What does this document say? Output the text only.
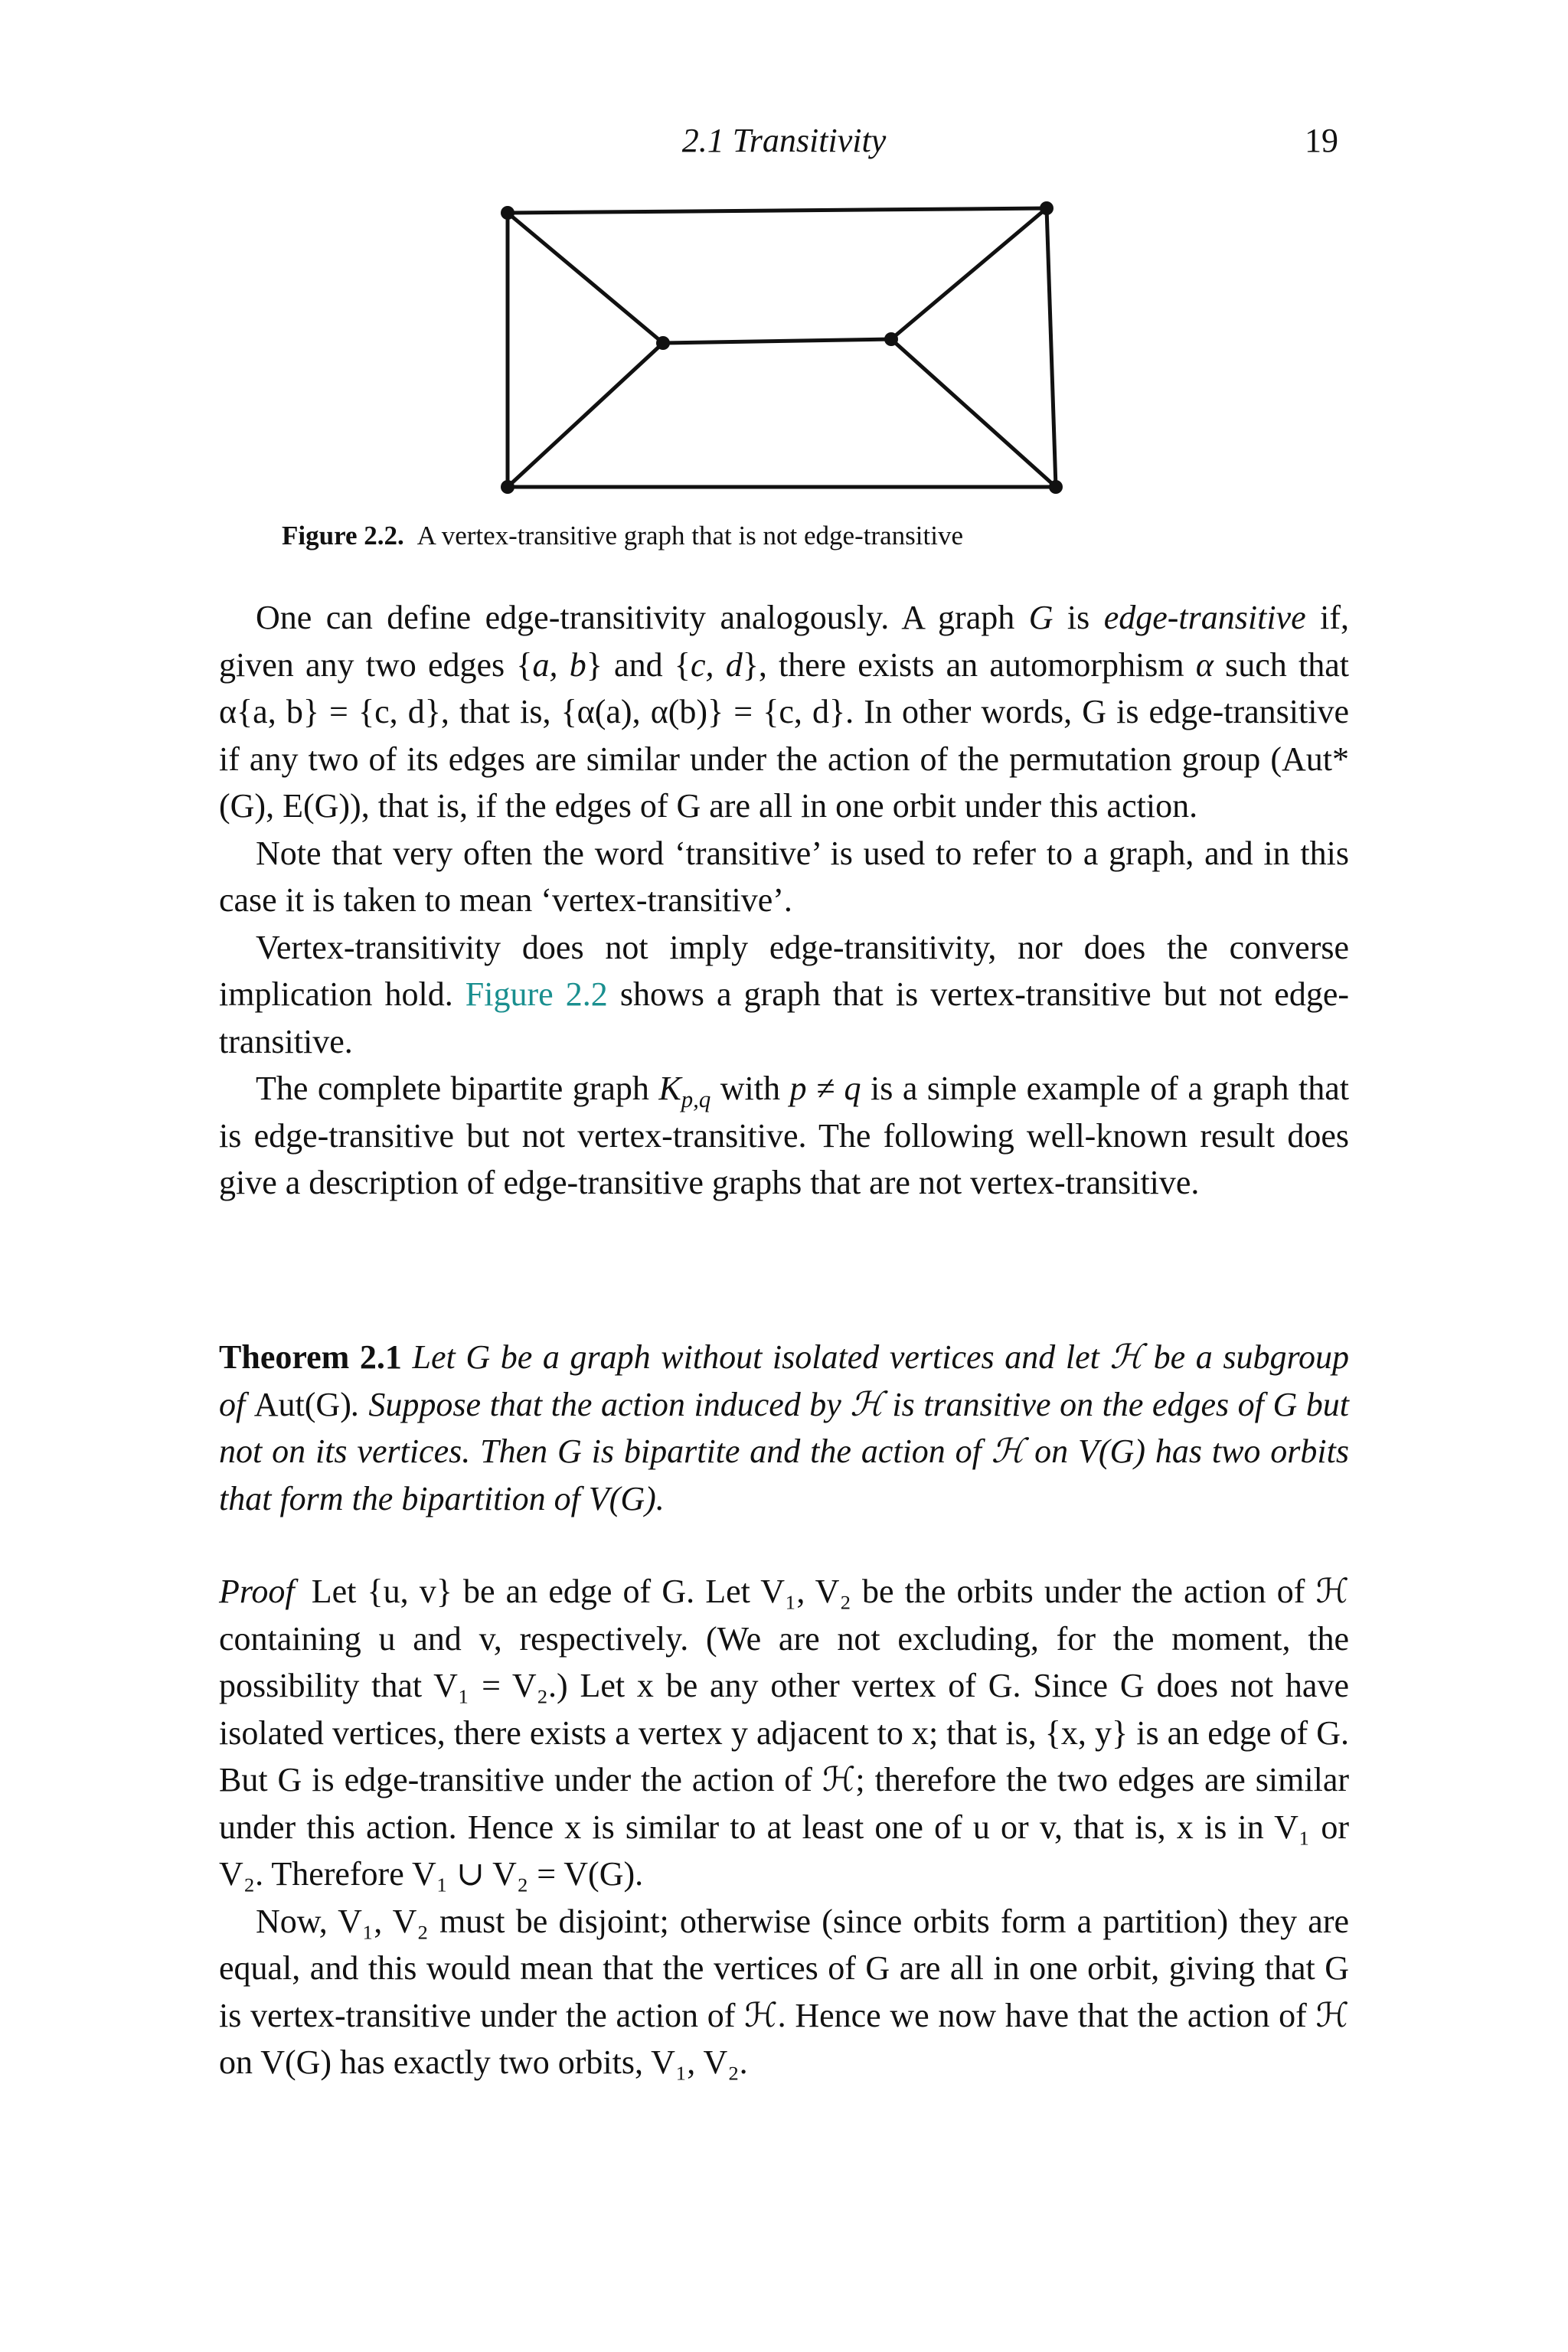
2.1 Transitivity	19
Figure 2.2. A vertex-transitive graph that is not edge-transitive

One can define edge-transitivity analogously. A graph G is edge-transitive if, given any two edges {a, b} and {c, d}, there exists an automorphism α such that α{a, b} = {c, d}, that is, {α(a), α(b)} = {c, d}. In other words, G is edge-transitive if any two of its edges are similar under the action of the permutation group (Aut*(G), E(G)), that is, if the edges of G are all in one orbit under this action.

Note that very often the word ‘transitive’ is used to refer to a graph, and in this case it is taken to mean ‘vertex-transitive’.

Vertex-transitivity does not imply edge-transitivity, nor does the converse implication hold. Figure 2.2 shows a graph that is vertex-transitive but not edge-transitive.

The complete bipartite graph $K_{p,q}$ with p ≠ q is a simple example of a graph that is edge-transitive but not vertex-transitive. The following well-known result does give a description of edge-transitive graphs that are not vertex-transitive.

Theorem 2.1 Let G be a graph without isolated vertices and let ℋ be a subgroup of Aut(G). Suppose that the action induced by ℋ is transitive on the edges of G but not on its vertices. Then G is bipartite and the action of ℋ on V(G) has two orbits that form the bipartition of V(G).

Proof Let {u, v} be an edge of G. Let V₁, V₂ be the orbits under the action of ℋ containing u and v, respectively. (We are not excluding, for the moment, the possibility that V₁ = V₂.) Let x be any other vertex of G. Since G does not have isolated vertices, there exists a vertex y adjacent to x; that is, {x, y} is an edge of G. But G is edge-transitive under the action of ℋ; therefore the two edges are similar under this action. Hence x is similar to at least one of u or v, that is, x is in V₁ or V₂. Therefore V₁ ∪ V₂ = V(G).

Now, V₁, V₂ must be disjoint; otherwise (since orbits form a partition) they are equal, and this would mean that the vertices of G are all in one orbit, giving that G is vertex-transitive under the action of ℋ. Hence we now have that the action of ℋ on V(G) has exactly two orbits, V₁, V₂.
